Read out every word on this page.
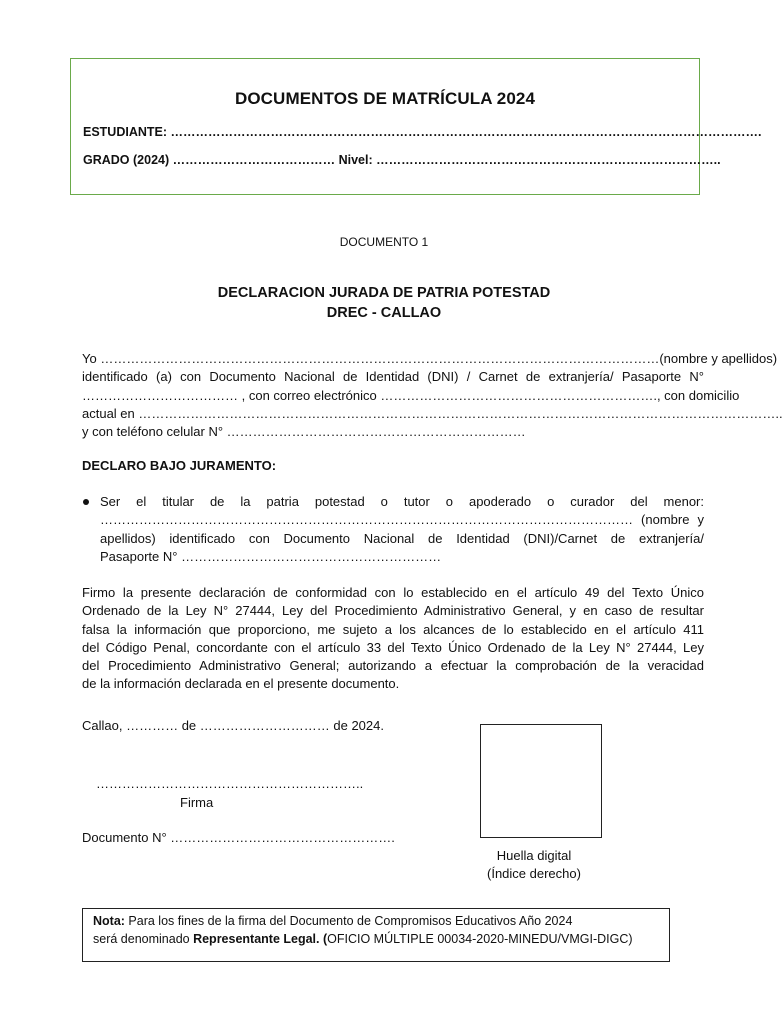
DOCUMENTOS DE MATRÍCULA 2024
ESTUDIANTE: …………………………………………………………………………………………………………………………….
GRADO (2024) ………………………………… Nivel: ………………………………………………………………………..
DOCUMENTO 1
DECLARACION JURADA DE PATRIA POTESTAD
DREC - CALLAO
Yo …………………………………………………………………………………………………………………(nombre y apellidos)
identificado (a) con Documento Nacional de Identidad (DNI) / Carnet de extranjería/ Pasaporte N°
……………………………… , con correo electrónico ………………………………………………………., con domicilio
actual en …………………………………………………………………………………………………………………………………..
y con teléfono celular N° ……………………………………………………………
DECLARO BAJO JURAMENTO:
Ser el titular de la patria potestad o tutor o apoderado o curador del menor:
…………………………………………………………………………………………………………… (nombre y
apellidos) identificado con Documento Nacional de Identidad (DNI)/Carnet de extranjería/
Pasaporte N° ……………………………………………………
Firmo la presente declaración de conformidad con lo establecido en el artículo 49 del Texto Único
Ordenado de la Ley N° 27444, Ley del Procedimiento Administrativo General, y en caso de resultar
falsa la información que proporciono, me sujeto a los alcances de lo establecido en el artículo 411
del Código Penal, concordante con el artículo 33 del Texto Único Ordenado de la Ley N° 27444, Ley
del Procedimiento Administrativo General; autorizando a efectuar la comprobación de la veracidad
de la información declarada en el presente documento.
Callao, ………… de ………………………… de 2024.
……………………………………………………..
Firma
Documento N° …………………………………………….
Huella digital
(Índice derecho)
Nota: Para los fines de la firma del Documento de Compromisos Educativos Año 2024
será denominado Representante Legal. (OFICIO MÚLTIPLE 00034-2020-MINEDU/VMGI-DIGC)
